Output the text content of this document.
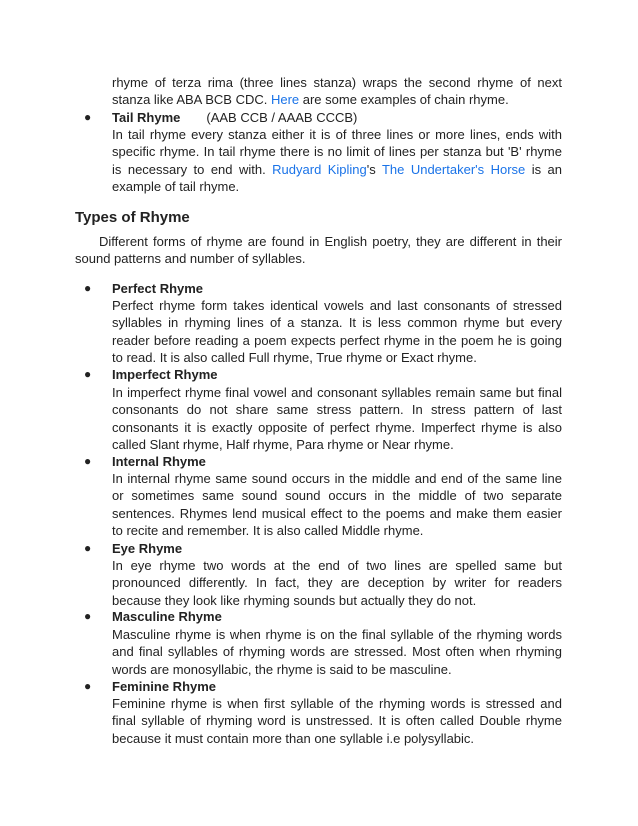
rhyme of terza rima (three lines stanza) wraps the second rhyme of next stanza like ABA BCB CDC. Here are some examples of chain rhyme.

● Tail Rhyme (AAB CCB / AAAB CCCB)

In tail rhyme every stanza either it is of three lines or more lines, ends with specific rhyme. In tail rhyme there is no limit of lines per stanza but 'B' rhyme is necessary to end with. Rudyard Kipling's The Undertaker's Horse is an example of tail rhyme.

Types of Rhyme

Different forms of rhyme are found in English poetry, they are different in their sound patterns and number of syllables.

● Perfect Rhyme

Perfect rhyme form takes identical vowels and last consonants of stressed syllables in rhyming lines of a stanza. It is less common rhyme but every reader before reading a poem expects perfect rhyme in the poem he is going to read. It is also called Full rhyme, True rhyme or Exact rhyme.

● Imperfect Rhyme

In imperfect rhyme final vowel and consonant syllables remain same but final consonants do not share same stress pattern. In stress pattern of last consonants it is exactly opposite of perfect rhyme. Imperfect rhyme is also called Slant rhyme, Half rhyme, Para rhyme or Near rhyme.

● Internal Rhyme

In internal rhyme same sound occurs in the middle and end of the same line or sometimes same sound sound occurs in the middle of two separate sentences. Rhymes lend musical effect to the poems and make them easier to recite and remember. It is also called Middle rhyme.

● Eye Rhyme

In eye rhyme two words at the end of two lines are spelled same but pronounced differently. In fact, they are deception by writer for readers because they look like rhyming sounds but actually they do not.

● Masculine Rhyme

Masculine rhyme is when rhyme is on the final syllable of the rhyming words and final syllables of rhyming words are stressed. Most often when rhyming words are monosyllabic, the rhyme is said to be masculine.

● Feminine Rhyme

Feminine rhyme is when first syllable of the rhyming words is stressed and final syllable of rhyming word is unstressed. It is often called Double rhyme because it must contain more than one syllable i.e polysyllabic.
